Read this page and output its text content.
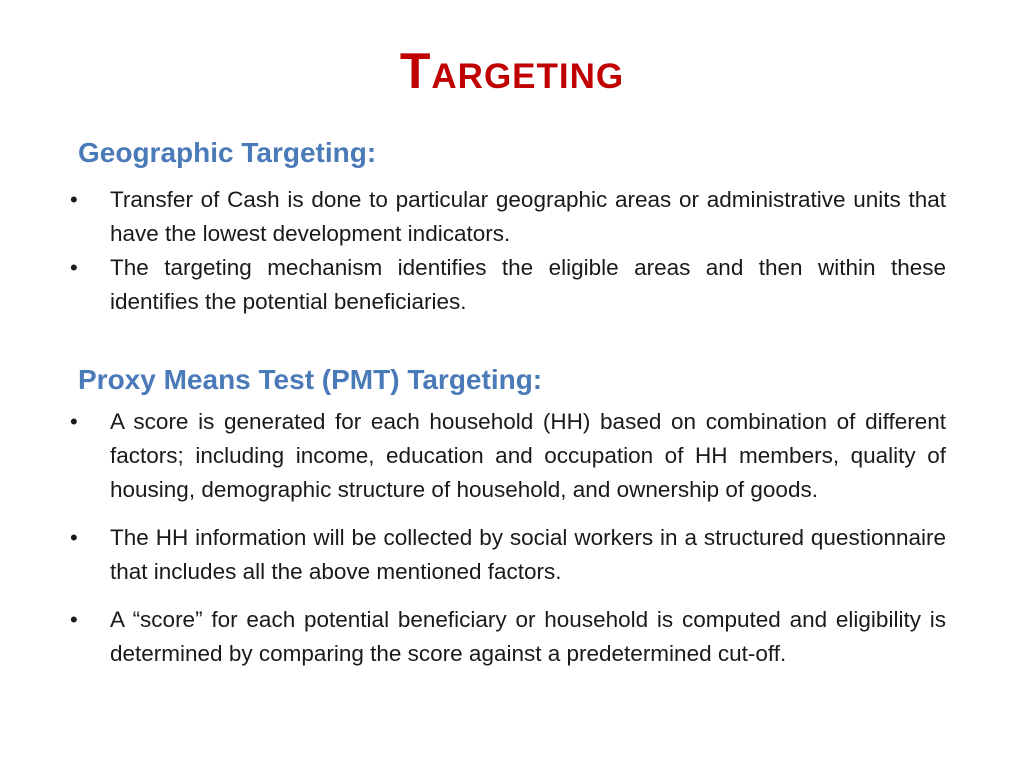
Targeting
Geographic Targeting:
• Transfer of Cash is done to particular geographic areas or administrative units that have the lowest development indicators.
• The targeting mechanism identifies the eligible areas and then within these identifies the potential beneficiaries.
Proxy Means Test (PMT) Targeting:
• A score is generated for each household (HH) based on combination of different factors; including income, education and occupation of HH members, quality of housing, demographic structure of household, and ownership of goods.
• The HH information will be collected by social workers in a structured questionnaire that includes all the above mentioned factors.
• A “score” for each potential beneficiary or household is computed and eligibility is determined by comparing the score against a predetermined cut-off.
